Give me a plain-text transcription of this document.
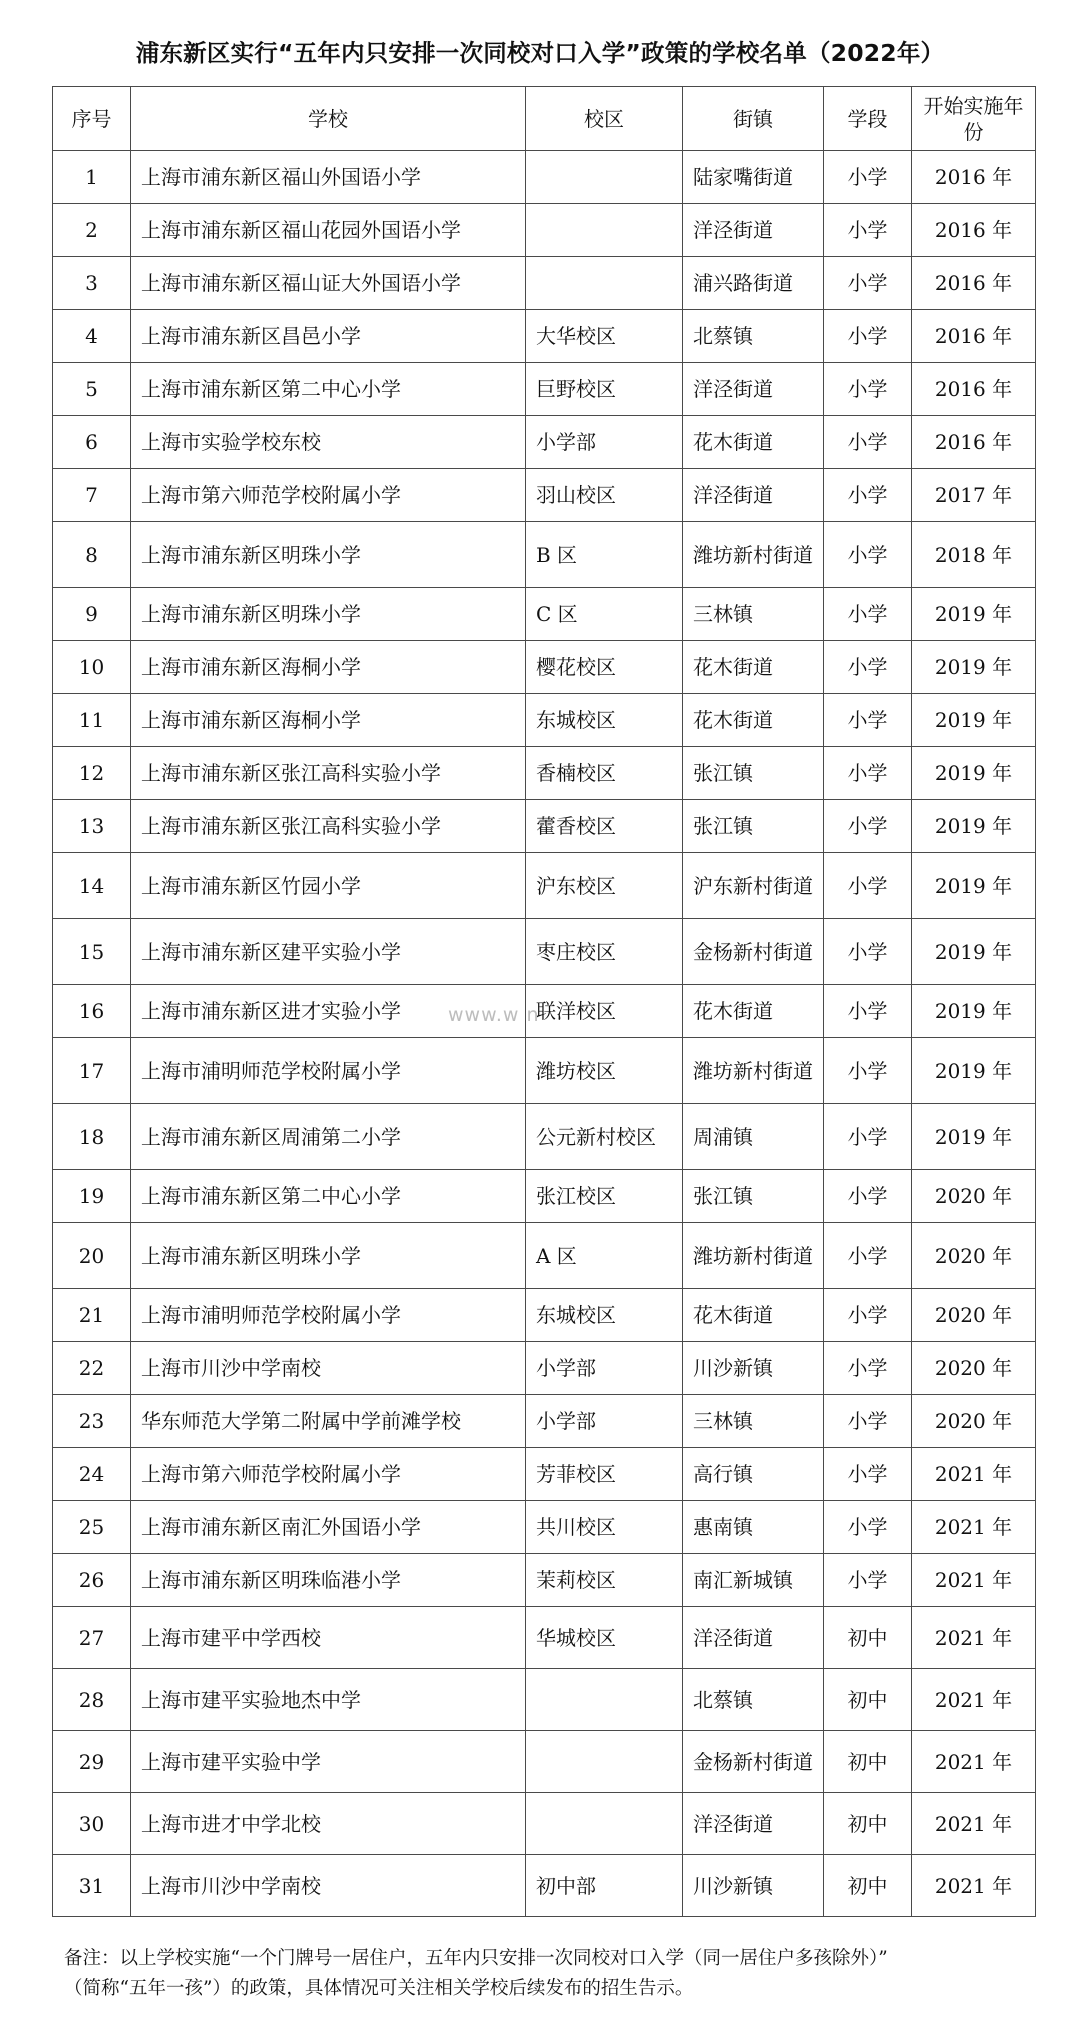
浦东新区实行“五年内只安排一次同校对口入学”政策的学校名单（2022年）
序号	学校	校区	街镇	学段	开始实施年份
1	上海市浦东新区福山外国语小学		陆家嘴街道	小学	2016 年
2	上海市浦东新区福山花园外国语小学		洋泾街道	小学	2016 年
3	上海市浦东新区福山证大外国语小学		浦兴路街道	小学	2016 年
4	上海市浦东新区昌邑小学	大华校区	北蔡镇	小学	2016 年
5	上海市浦东新区第二中心小学	巨野校区	洋泾街道	小学	2016 年
6	上海市实验学校东校	小学部	花木街道	小学	2016 年
7	上海市第六师范学校附属小学	羽山校区	洋泾街道	小学	2017 年
8	上海市浦东新区明珠小学	B 区	潍坊新村街道	小学	2018 年
9	上海市浦东新区明珠小学	C 区	三林镇	小学	2019 年
10	上海市浦东新区海桐小学	樱花校区	花木街道	小学	2019 年
11	上海市浦东新区海桐小学	东城校区	花木街道	小学	2019 年
12	上海市浦东新区张江高科实验小学	香楠校区	张江镇	小学	2019 年
13	上海市浦东新区张江高科实验小学	藿香校区	张江镇	小学	2019 年
14	上海市浦东新区竹园小学	沪东校区	沪东新村街道	小学	2019 年
15	上海市浦东新区建平实验小学	枣庄校区	金杨新村街道	小学	2019 年
16	上海市浦东新区进才实验小学	联洋校区	花木街道	小学	2019 年
17	上海市浦明师范学校附属小学	潍坊校区	潍坊新村街道	小学	2019 年
18	上海市浦东新区周浦第二小学	公元新村校区	周浦镇	小学	2019 年
19	上海市浦东新区第二中心小学	张江校区	张江镇	小学	2020 年
20	上海市浦东新区明珠小学	A 区	潍坊新村街道	小学	2020 年
21	上海市浦明师范学校附属小学	东城校区	花木街道	小学	2020 年
22	上海市川沙中学南校	小学部	川沙新镇	小学	2020 年
23	华东师范大学第二附属中学前滩学校	小学部	三林镇	小学	2020 年
24	上海市第六师范学校附属小学	芳菲校区	高行镇	小学	2021 年
25	上海市浦东新区南汇外国语小学	共川校区	惠南镇	小学	2021 年
26	上海市浦东新区明珠临港小学	茉莉校区	南汇新城镇	小学	2021 年
27	上海市建平中学西校	华城校区	洋泾街道	初中	2021 年
28	上海市建平实验地杰中学		北蔡镇	初中	2021 年
29	上海市建平实验中学		金杨新村街道	初中	2021 年
30	上海市进才中学北校		洋泾街道	初中	2021 年
31	上海市川沙中学南校	初中部	川沙新镇	初中	2021 年
www.w n
备注：以上学校实施“一个门牌号一居住户，五年内只安排一次同校对口入学（同一居住户多孩除外）”
（简称“五年一孩”）的政策，具体情况可关注相关学校后续发布的招生告示。
